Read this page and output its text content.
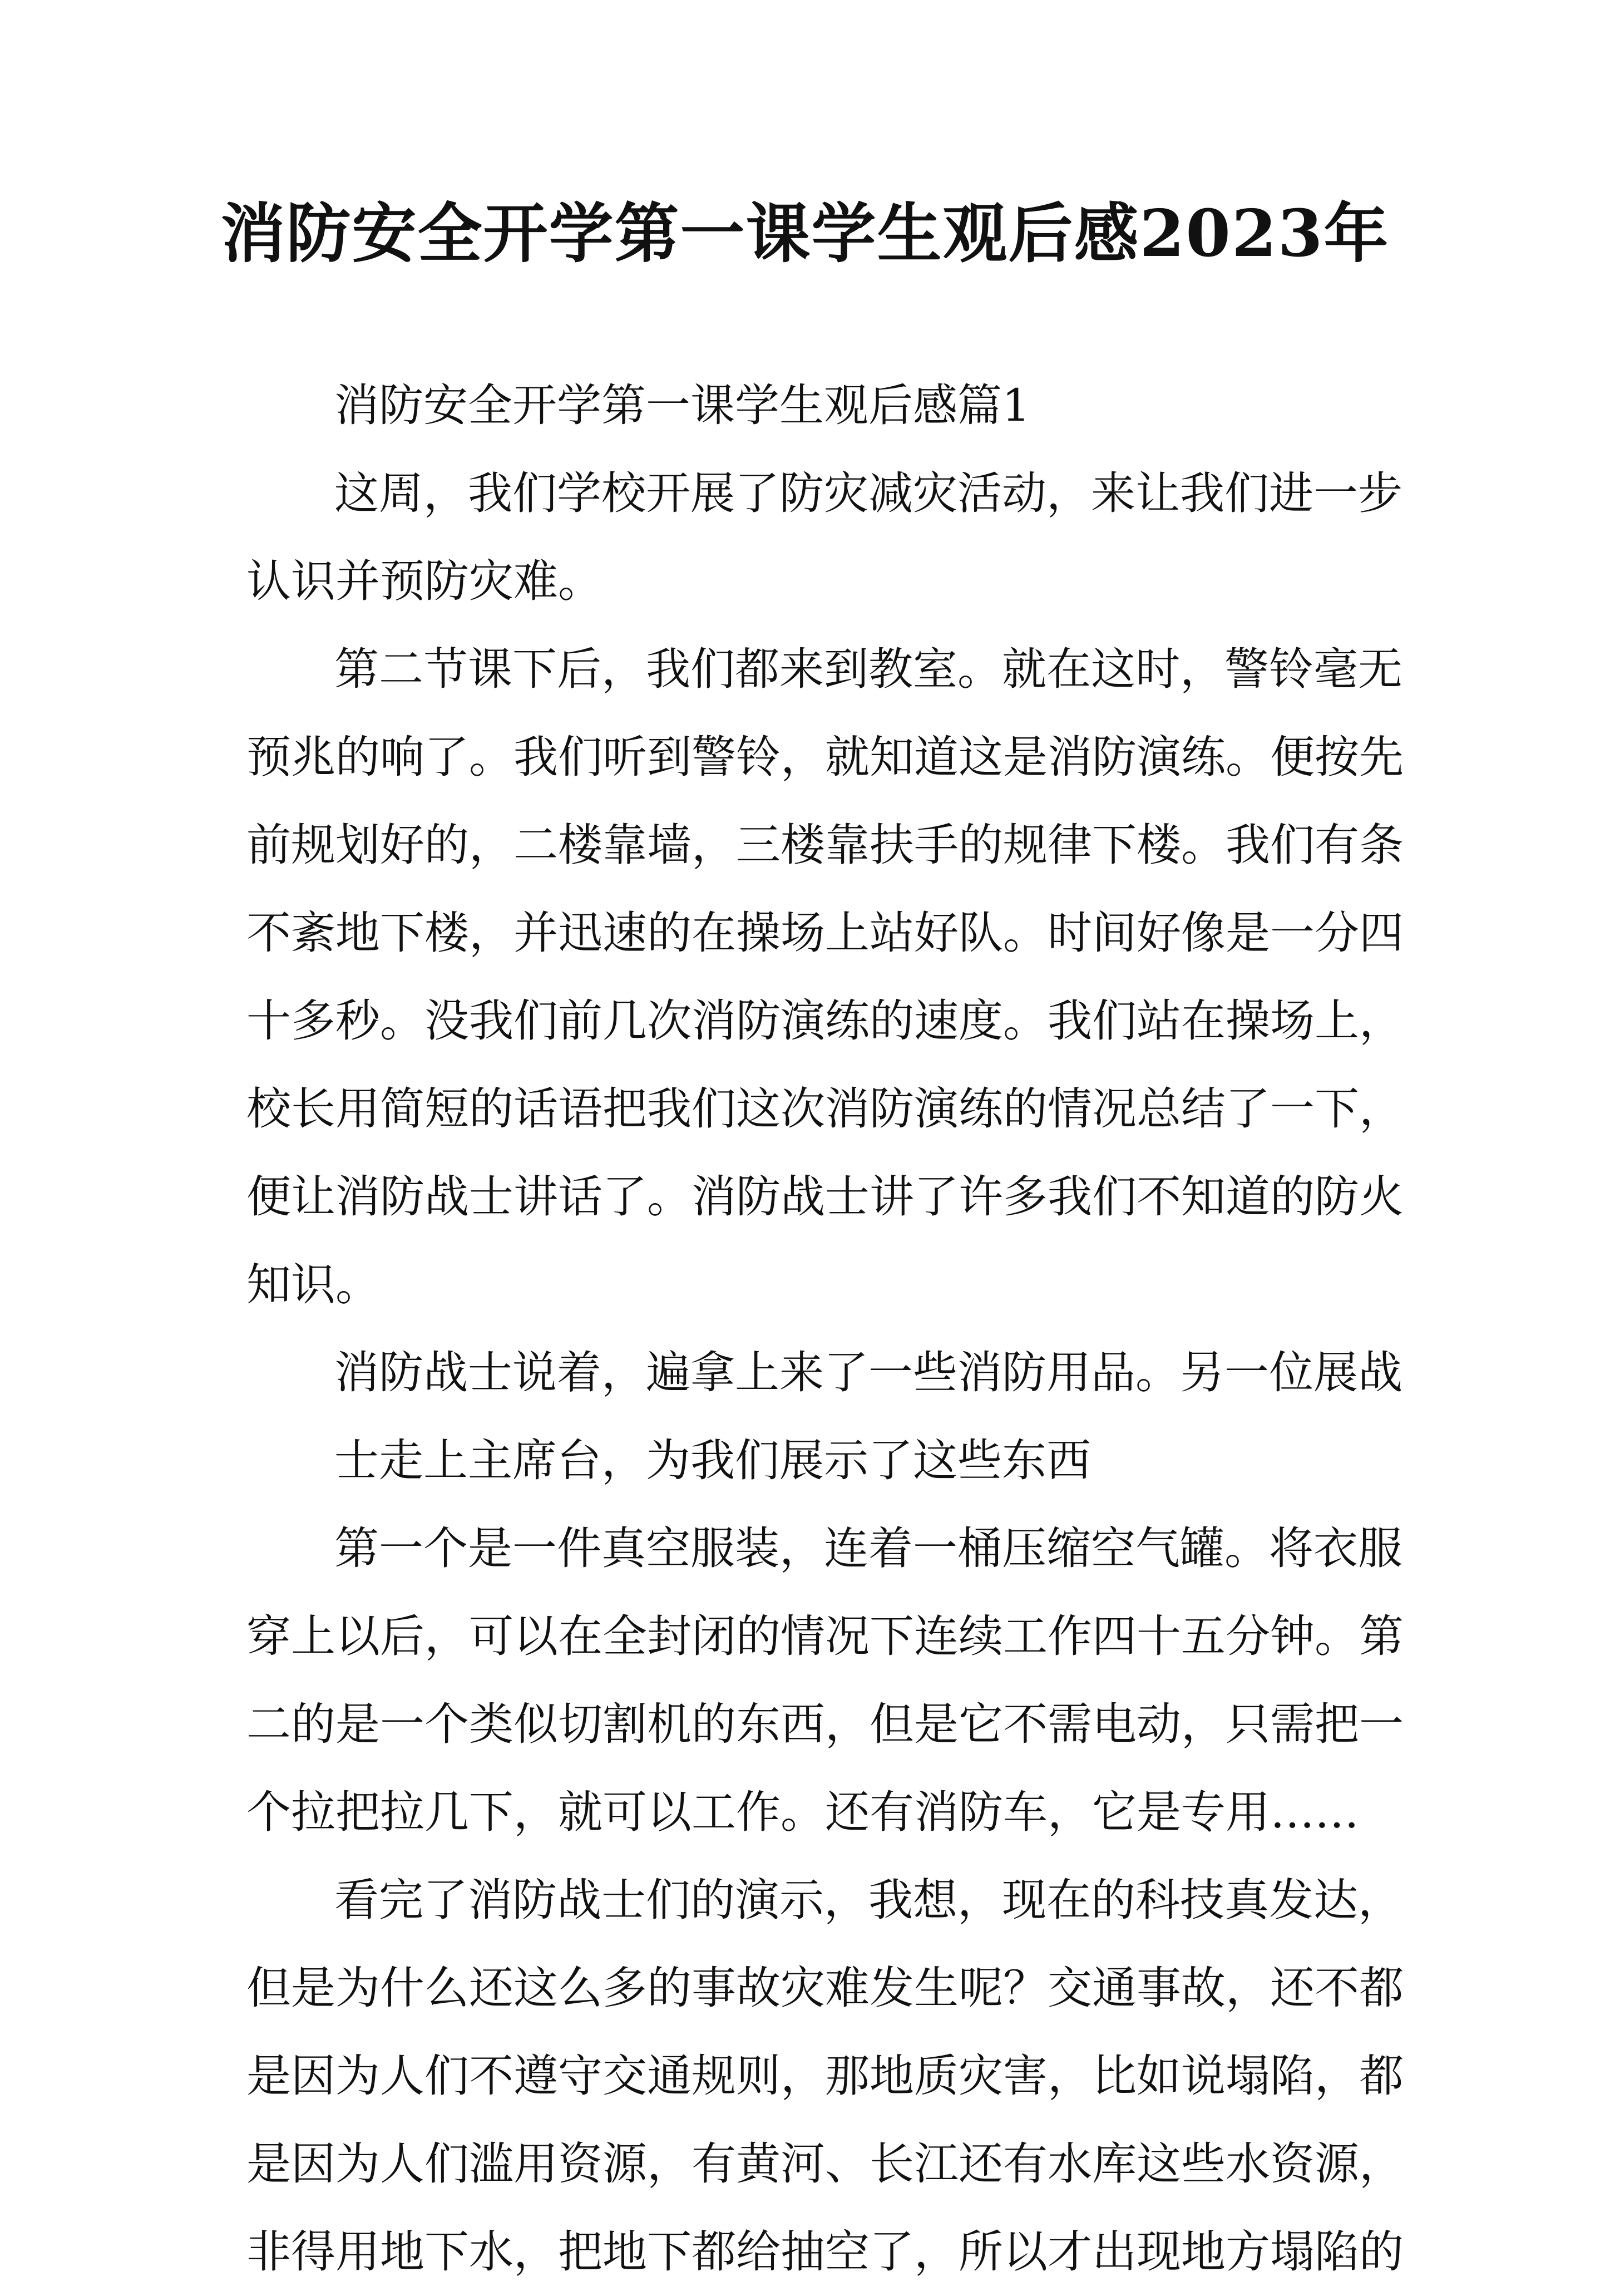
消防安全开学第一课学生观后感2023年
消防安全开学第一课学生观后感篇1
这周，我们学校开展了防灾减灾活动，来让我们进一步
认识并预防灾难。
第二节课下后，我们都来到教室。就在这时，警铃毫无
预兆的响了。我们听到警铃，就知道这是消防演练。便按先
前规划好的，二楼靠墙，三楼靠扶手的规律下楼。我们有条
不紊地下楼，并迅速的在操场上站好队。时间好像是一分四
十多秒。没我们前几次消防演练的速度。我们站在操场上，
校长用简短的话语把我们这次消防演练的情况总结了一下，
便让消防战士讲话了。消防战士讲了许多我们不知道的防火
知识。
消防战士说着，遍拿上来了一些消防用品。另一位展战
士走上主席台，为我们展示了这些东西
第一个是一件真空服装，连着一桶压缩空气罐。将衣服
穿上以后，可以在全封闭的情况下连续工作四十五分钟。第
二的是一个类似切割机的东西，但是它不需电动，只需把一
个拉把拉几下，就可以工作。还有消防车，它是专用……
看完了消防战士们的演示，我想，现在的科技真发达，
但是为什么还这么多的事故灾难发生呢？交通事故，还不都
是因为人们不遵守交通规则，那地质灾害，比如说塌陷，都
是因为人们滥用资源，有黄河、长江还有水库这些水资源，
非得用地下水，把地下都给抽空了，所以才出现地方塌陷的
